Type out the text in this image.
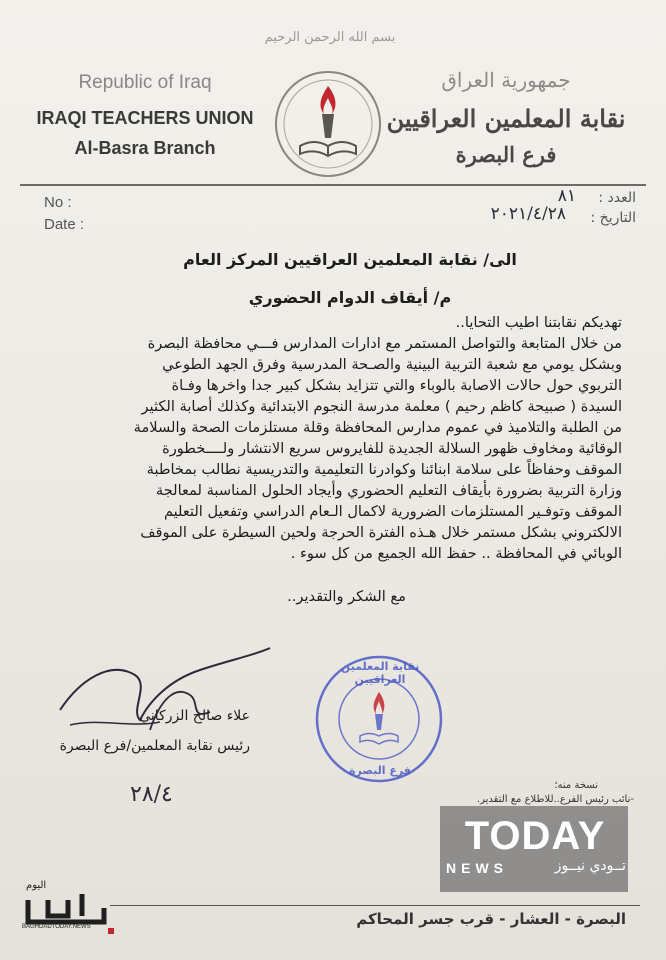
بسم الله الرحمن الرحيم
Republic of Iraq
IRAQI TEACHERS UNION
Al-Basra Branch
جمهورية العراق
نقابة المعلمين العراقيين
فرع البصرة
No :
Date :
العدد :
٨١
التاريخ :
٢٠٢١/٤/٢٨
الى/ نقابة المعلمين العراقيين المركز العام
م/ أيقاف الدوام الحضوري
تهديكم نقابتنا اطيب التحايا..
من خلال المتابعة والتواصل المستمر مع ادارات المدارس فـــي محافظة البصرة
وبشكل يومي مع شعبة التربية البينية والصـحة المدرسية وفرق الجهد الطوعي
التربوي حول حالات الاصابة بالوباء والتي تتزايد بشكل كبير جدا واخرها وفـاة
السيدة ( صبيحة كاظم رحيم ) معلمة مدرسة النجوم الابتدائية وكذلك أصابة الكثير
من الطلبة والتلاميذ في عموم مدارس المحافظة وقلة مستلزمات الصحة والسلامة
الوقائية ومخاوف ظهور السلالة الجديدة للفايروس سريع الانتشار ولــــخطورة
الموقف وحفاظاً على سلامة ابنائنا وكوادرنا التعليمية والتدريسية نطالب بمخاطبة
وزارة التربية بضرورة بأيقاف التعليم الحضوري وأيجاد الحلول المناسبة لمعالجة
الموقف وتوفـير المستلزمات الضرورية لاكمال الـعام الدراسي وتفعيل التعليم
الالكتروني بشكل مستمر خلال هـذه الفترة الحرجة ولحين السيطرة على الموقف
الوبائي في المحافظة .. حفظ الله الجميع من كل سوء .
مع الشكر والتقدير..
علاء صالح الزركاني
رئيس نقابة المعلمين/فرع البصرة
٢٨/٤
نقابة المعلمين العراقيين
فرع البصرة
نسخة منه؛
-نائب رئيس الفرع..للاطلاع مع التقدير.
TODAY
NEWS	تــودي نيــوز
اليوم
BAGHDADTODAY.NEWS	البصرة - العشار - قرب جسر المحاكم
